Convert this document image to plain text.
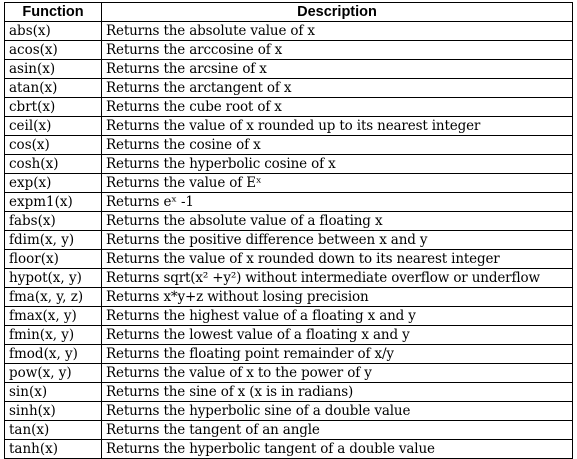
Function	Description
abs(x)	Returns the absolute value of x
acos(x)	Returns the arccosine of x
asin(x)	Returns the arcsine of x
atan(x)	Returns the arctangent of x
cbrt(x)	Returns the cube root of x
ceil(x)	Returns the value of x rounded up to its nearest integer
cos(x)	Returns the cosine of x
cosh(x)	Returns the hyperbolic cosine of x
exp(x)	Returns the value of Eˣ
expm1(x)	Returns eˣ -1
fabs(x)	Returns the absolute value of a floating x
fdim(x, y)	Returns the positive difference between x and y
floor(x)	Returns the value of x rounded down to its nearest integer
hypot(x, y)	Returns sqrt(x² +y²) without intermediate overflow or underflow
fma(x, y, z)	Returns x*y+z without losing precision
fmax(x, y)	Returns the highest value of a floating x and y
fmin(x, y)	Returns the lowest value of a floating x and y
fmod(x, y)	Returns the floating point remainder of x/y
pow(x, y)	Returns the value of x to the power of y
sin(x)	Returns the sine of x (x is in radians)
sinh(x)	Returns the hyperbolic sine of a double value
tan(x)	Returns the tangent of an angle
tanh(x)	Returns the hyperbolic tangent of a double value
